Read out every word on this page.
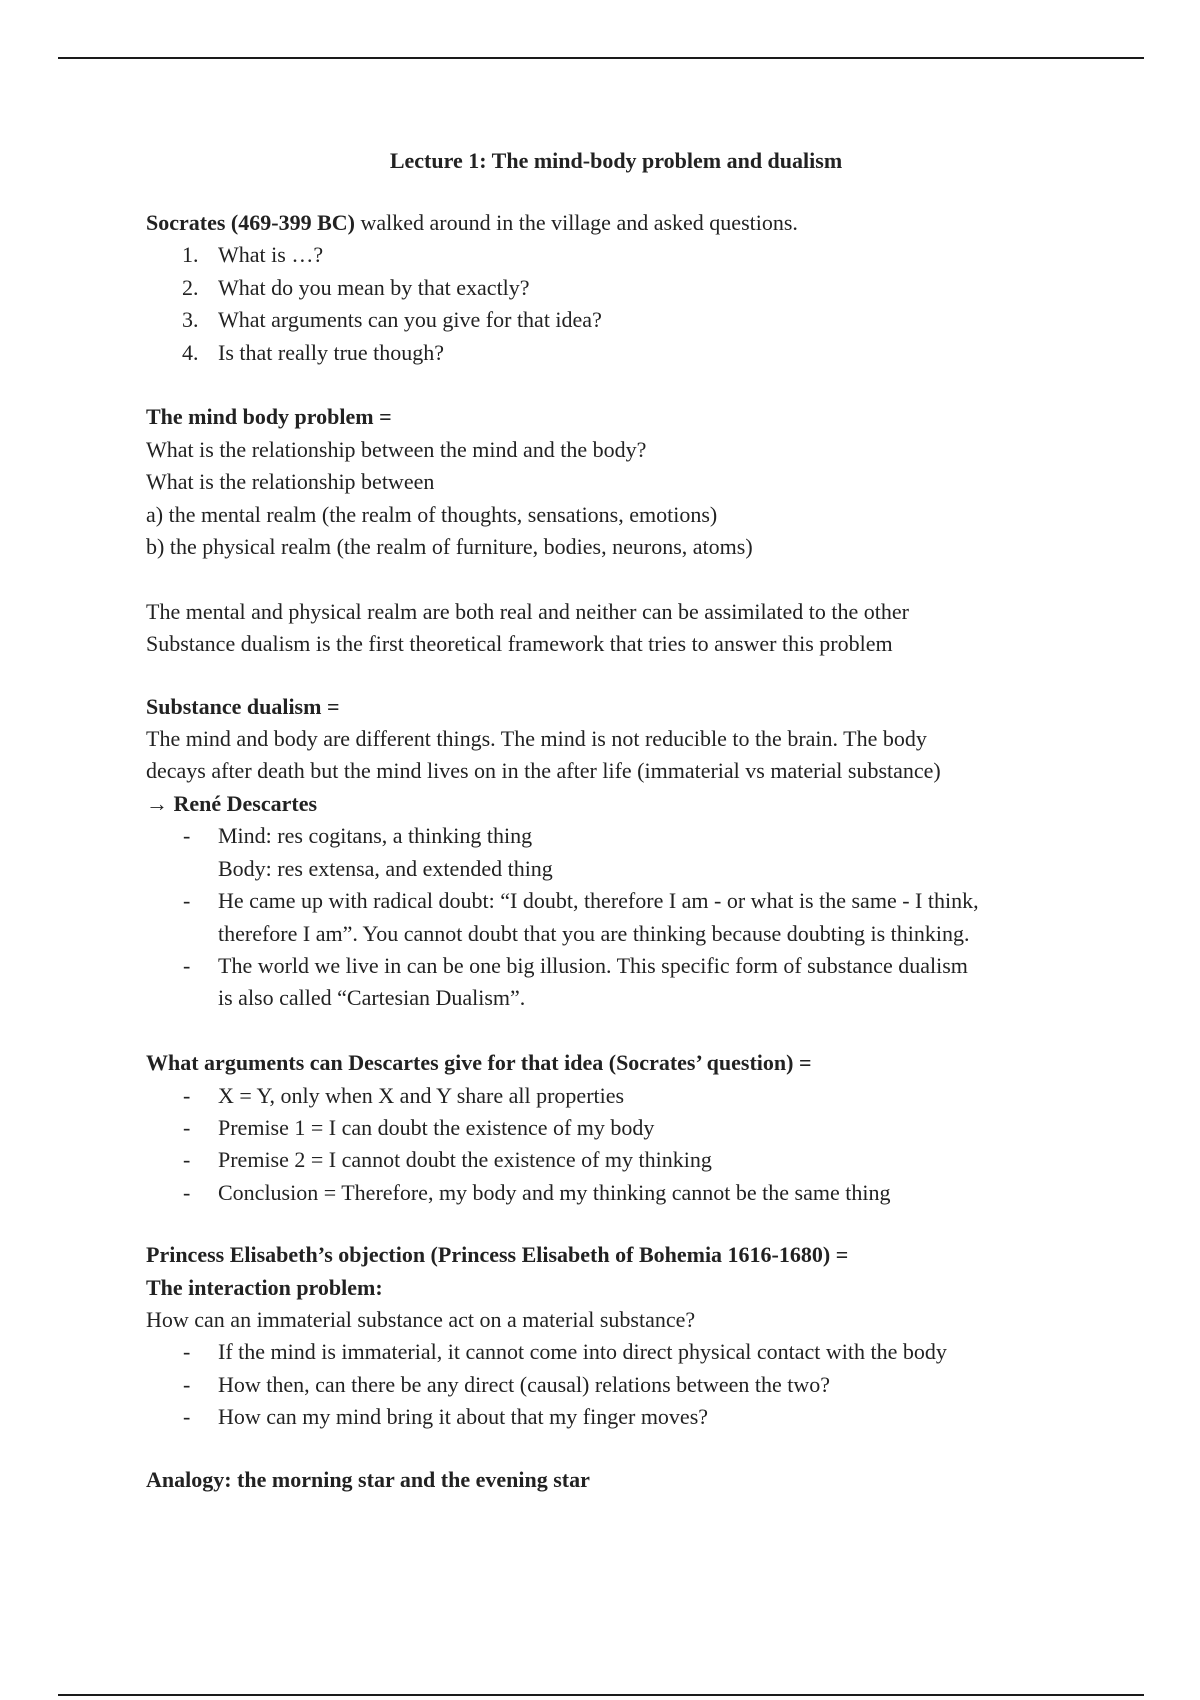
Lecture 1: The mind-body problem and dualism

Socrates (469-399 BC) walked around in the village and asked questions.

1. What is …?
2. What do you mean by that exactly?
3. What arguments can you give for that idea?
4. Is that really true though?

The mind body problem =

What is the relationship between the mind and the body?

What is the relationship between

a) the mental realm (the realm of thoughts, sensations, emotions)

b) the physical realm (the realm of furniture, bodies, neurons, atoms)

The mental and physical realm are both real and neither can be assimilated to the other

Substance dualism is the first theoretical framework that tries to answer this problem

Substance dualism =

The mind and body are different things. The mind is not reducible to the brain. The body

decays after death but the mind lives on in the after life (immaterial vs material substance)

→ René Descartes

- Mind: res cogitans, a thinking thing
Body: res extensa, and extended thing
- He came up with radical doubt: “I doubt, therefore I am - or what is the same - I think,
therefore I am”. You cannot doubt that you are thinking because doubting is thinking.
- The world we live in can be one big illusion. This specific form of substance dualism
is also called “Cartesian Dualism”.

What arguments can Descartes give for that idea (Socrates’ question) =

- X = Y, only when X and Y share all properties
- Premise 1 = I can doubt the existence of my body
- Premise 2 = I cannot doubt the existence of my thinking
- Conclusion = Therefore, my body and my thinking cannot be the same thing

Princess Elisabeth’s objection (Princess Elisabeth of Bohemia 1616-1680) =

The interaction problem:

How can an immaterial substance act on a material substance?

- If the mind is immaterial, it cannot come into direct physical contact with the body
- How then, can there be any direct (causal) relations between the two?
- How can my mind bring it about that my finger moves?

Analogy: the morning star and the evening star
